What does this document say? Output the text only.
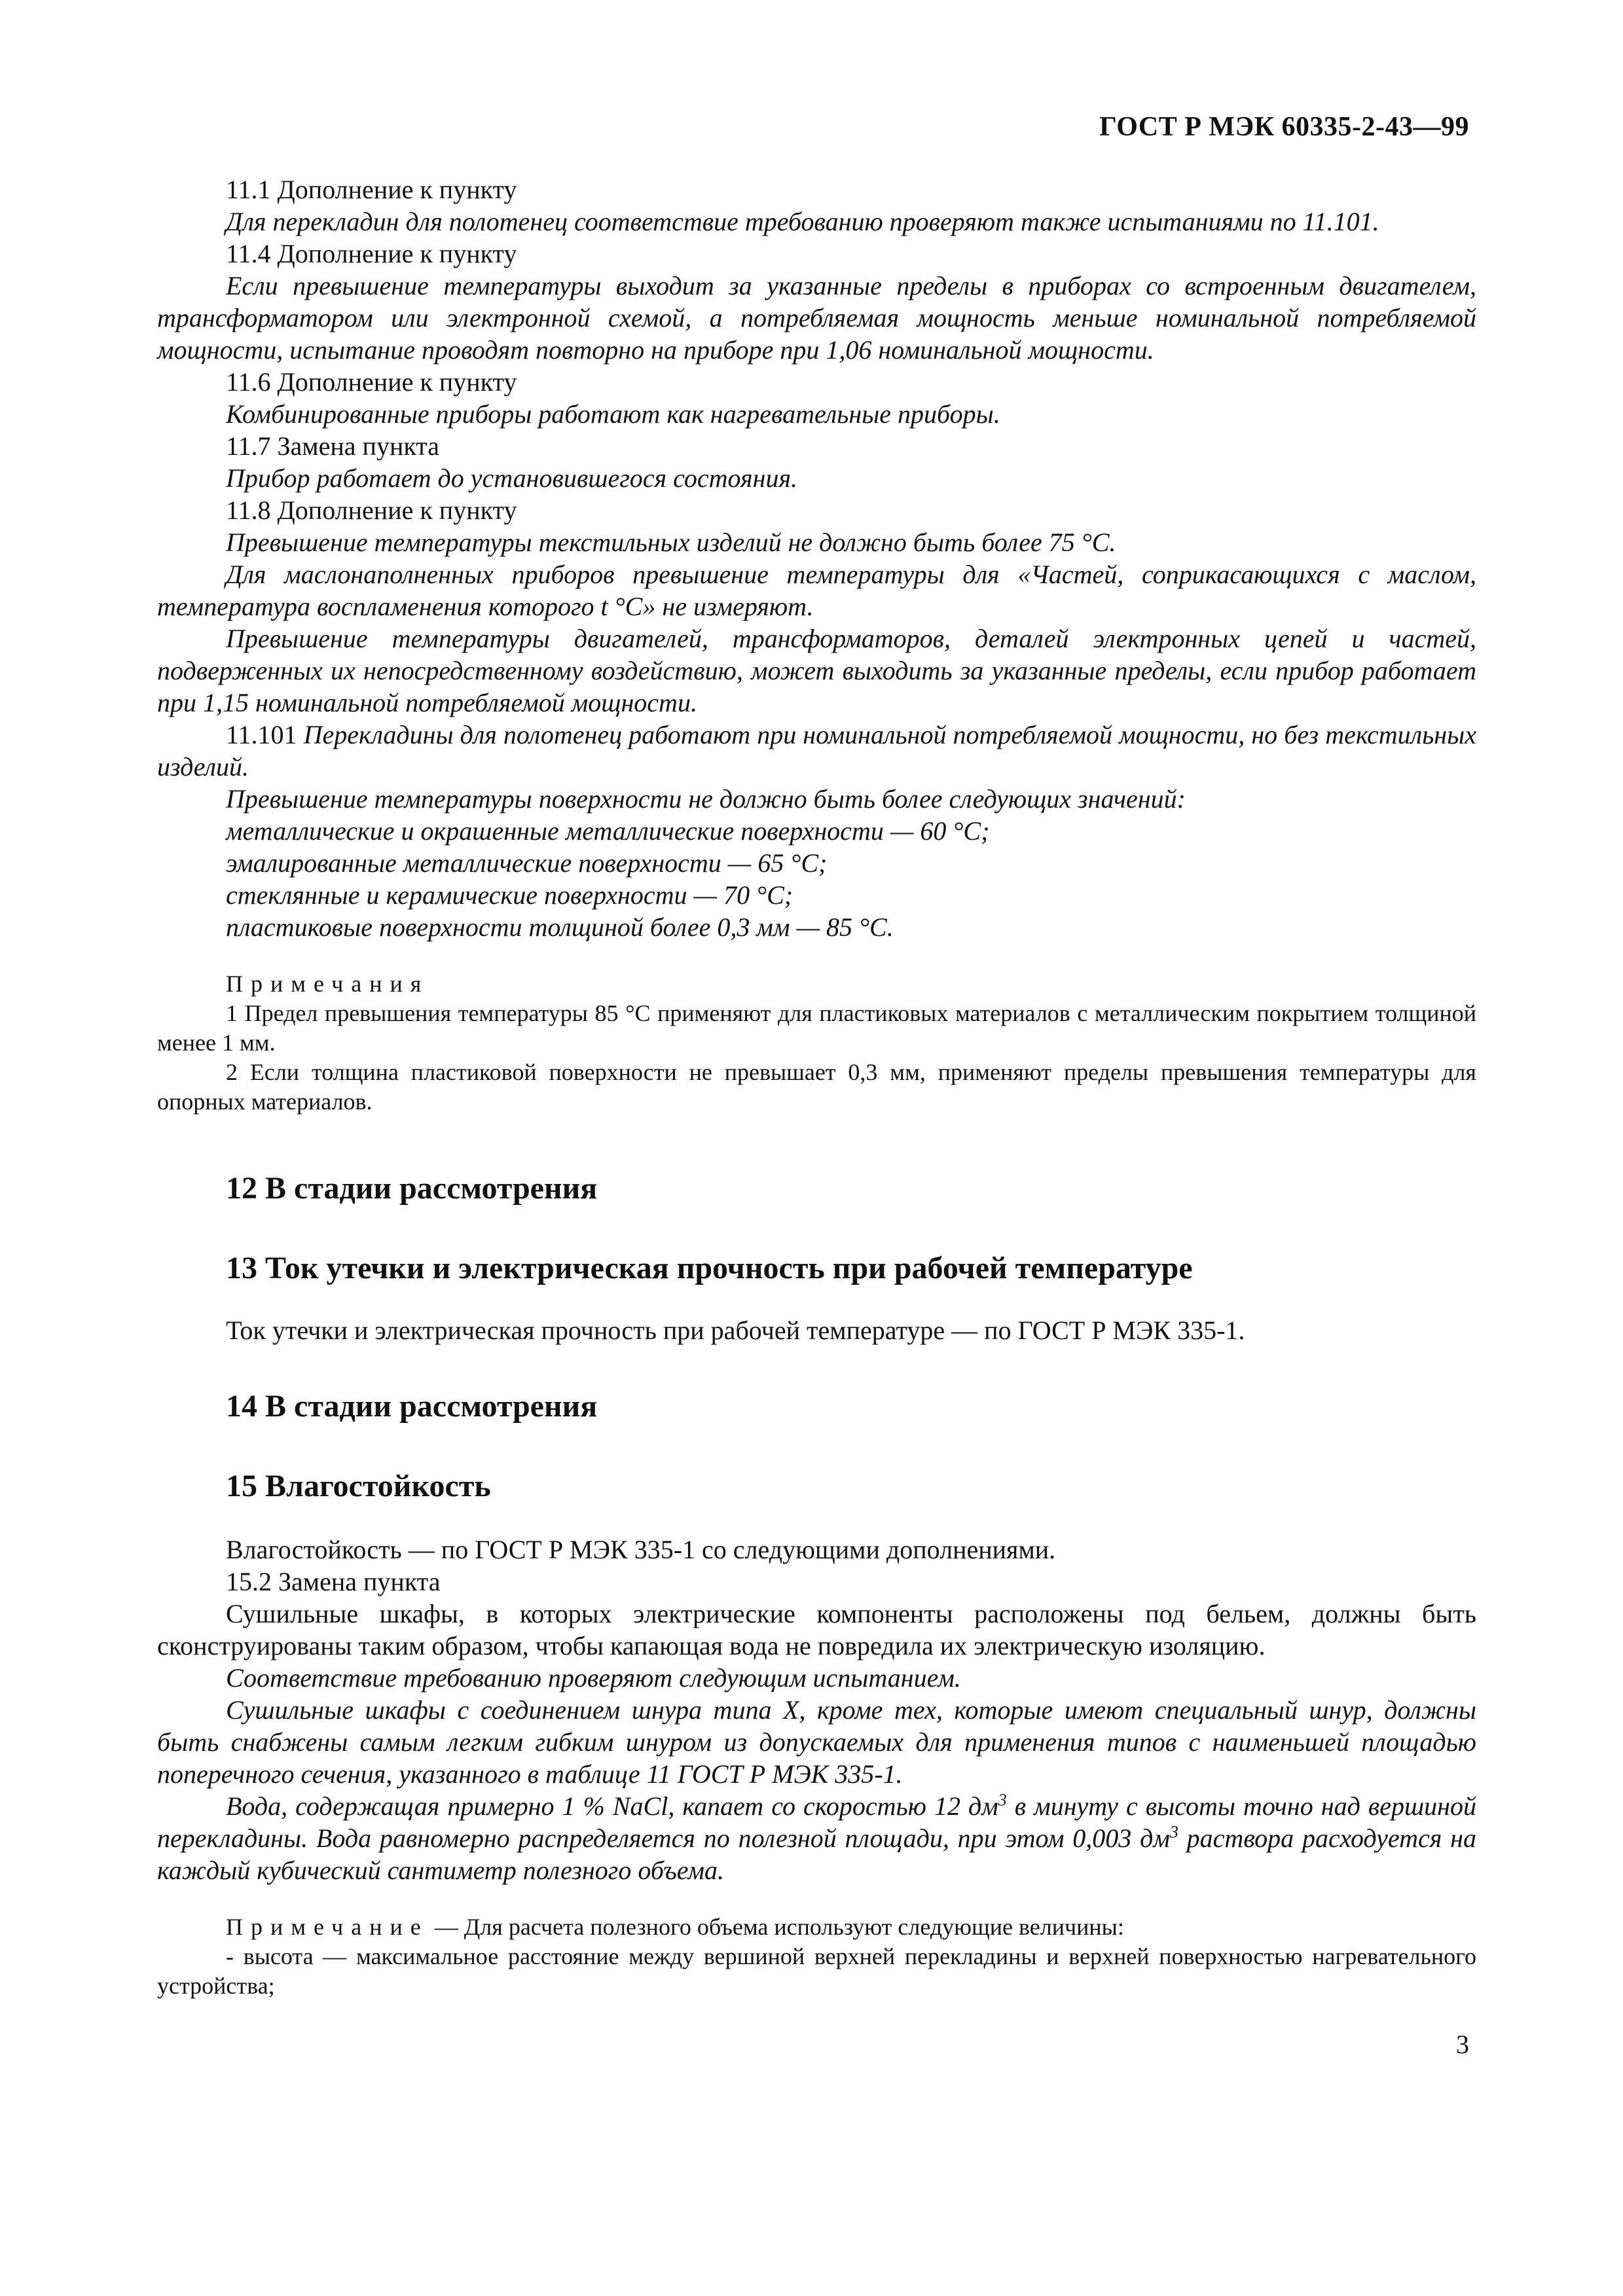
ГОСТ Р МЭК 60335-2-43—99

11.1 Дополнение к пункту

Для перекладин для полотенец соответствие требованию проверяют также испытаниями по 11.101.

11.4 Дополнение к пункту

Если превышение температуры выходит за указанные пределы в приборах со встроенным двигателем, трансформатором или электронной схемой, а потребляемая мощность меньше номинальной потребляемой мощности, испытание проводят повторно на приборе при 1,06 номинальной мощности.

11.6 Дополнение к пункту

Комбинированные приборы работают как нагревательные приборы.

11.7 Замена пункта

Прибор работает до установившегося состояния.

11.8 Дополнение к пункту

Превышение температуры текстильных изделий не должно быть более 75 °С.

Для маслонаполненных приборов превышение температуры для «Частей, соприкасающихся с маслом, температура воспламенения которого t °С» не измеряют.

Превышение температуры двигателей, трансформаторов, деталей электронных цепей и частей, подверженных их непосредственному воздействию, может выходить за указанные пределы, если прибор работает при 1,15 номинальной потребляемой мощности.

11.101 Перекладины для полотенец работают при номинальной потребляемой мощности, но без текстильных изделий.

Превышение температуры поверхности не должно быть более следующих значений:

металлические и окрашенные металлические поверхности — 60 °С;

эмалированные металлические поверхности — 65 °С;

стеклянные и керамические поверхности — 70 °С;

пластиковые поверхности толщиной более 0,3 мм — 85 °С.

Примечания

1 Предел превышения температуры 85 °С применяют для пластиковых материалов с металлическим покрытием толщиной менее 1 мм.

2 Если толщина пластиковой поверхности не превышает 0,3 мм, применяют пределы превышения температуры для опорных материалов.

12 В стадии рассмотрения
13 Ток утечки и электрическая прочность при рабочей температуре

Ток утечки и электрическая прочность при рабочей температуре — по ГОСТ Р МЭК 335-1.

14 В стадии рассмотрения
15 Влагостойкость

Влагостойкость — по ГОСТ Р МЭК 335-1 со следующими дополнениями.

15.2 Замена пункта

Сушильные шкафы, в которых электрические компоненты расположены под бельем, должны быть сконструированы таким образом, чтобы капающая вода не повредила их электрическую изоляцию.

Соответствие требованию проверяют следующим испытанием.

Сушильные шкафы с соединением шнура типа X, кроме тех, которые имеют специальный шнур, должны быть снабжены самым легким гибким шнуром из допускаемых для применения типов с наименьшей площадью поперечного сечения, указанного в таблице 11 ГОСТ Р МЭК 335-1.

Вода, содержащая примерно 1 % NaCl, капает со скоростью 12 $дм^3$ в минуту с высоты точно над вершиной перекладины. Вода равномерно распределяется по полезной площади, при этом 0,003 $дм^3$ раствора расходуется на каждый кубический сантиметр полезного объема.

Примечание — Для расчета полезного объема используют следующие величины:

- высота — максимальное расстояние между вершиной верхней перекладины и верхней поверхностью нагревательного устройства;

3
